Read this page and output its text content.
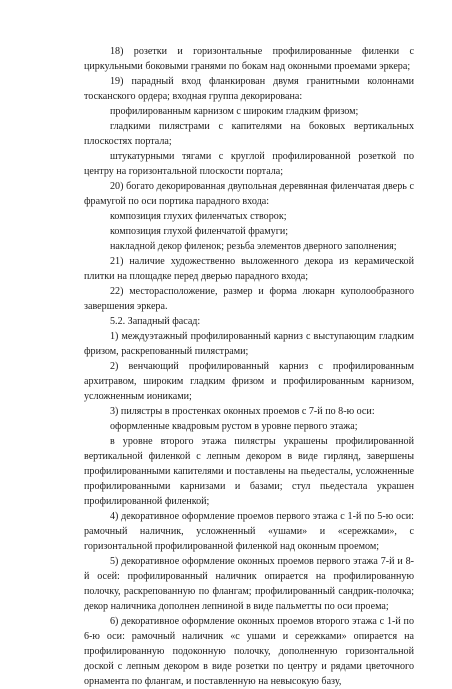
18) розетки и горизонтальные профилированные филенки с циркульными боковыми гранями по бокам над оконными проемами эркера;

19) парадный вход фланкирован двумя гранитными колоннами тосканского ордера; входная группа декорирована:

профилированным карнизом с широким гладким фризом;

гладкими пилястрами с капителями на боковых вертикальных плоскостях портала;

штукатурными тягами с круглой профилированной розеткой по центру на горизонтальной плоскости портала;

20) богато декорированная двупольная деревянная филенчатая дверь с фрамугой по оси портика парадного входа:

композиция глухих филенчатых створок;

композиция глухой филенчатой фрамуги;

накладной декор филенок; резьба элементов дверного заполнения;

21) наличие художественно выложенного декора из керамической плитки на площадке перед дверью парадного входа;

22) месторасположение, размер и форма люкарн куполообразного завершения эркера.

5.2. Западный фасад:

1) междуэтажный профилированный карниз с выступающим гладким фризом, раскрепованный пилястрами;

2) венчающий профилированный карниз с профилированным архитравом, широким гладким фризом и профилированным карнизом, усложненным иониками;

3) пилястры в простенках оконных проемов с 7-й по 8-ю оси:

оформленные квадровым рустом в уровне первого этажа;

в уровне второго этажа пилястры украшены профилированной вертикальной филенкой с лепным декором в виде гирлянд, завершены профилированными капителями и поставлены на пьедесталы, усложненные профилированными карнизами и базами; стул пьедестала украшен профилированной филенкой;

4) декоративное оформление проемов первого этажа с 1-й по 5-ю оси: рамочный наличник, усложненный «ушами» и «сережками», с горизонтальной профилированной филенкой над оконным проемом;

5) декоративное оформление оконных проемов первого этажа 7-й и 8-й осей: профилированный наличник опирается на профилированную полочку, раскрепованную по флангам; профилированный сандрик-полочка; декор наличника дополнен лепниной в виде пальметты по оси проема;

6) декоративное оформление оконных проемов второго этажа с 1-й по 6-ю оси: рамочный наличник «с ушами и сережками» опирается на профилированную подоконную полочку, дополненную горизонтальной доской с лепным декором в виде розетки по центру и рядами цветочного орнамента по флангам, и поставленную на невысокую базу,
